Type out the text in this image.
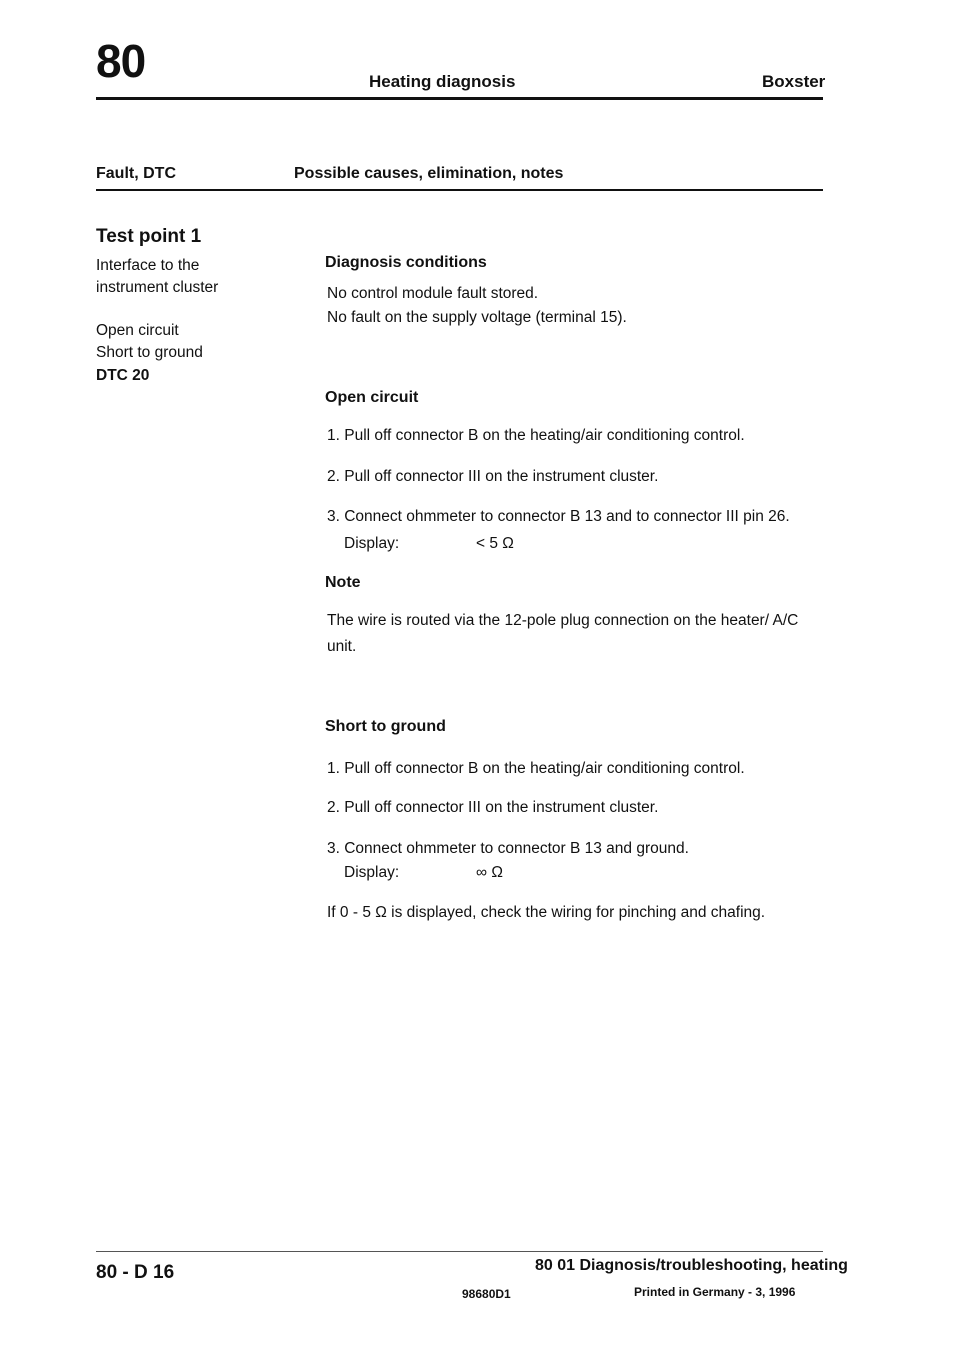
80	Heating diagnosis	Boxster
Fault, DTC	Possible causes, elimination, notes
Test point 1
Interface to the
instrument cluster
Open circuit
Short to ground
DTC 20
Diagnosis conditions
No control module fault stored.
No fault on the supply voltage (terminal 15).
Open circuit
1. Pull off connector B on the heating/air conditioning control.
2. Pull off connector III on the instrument cluster.
3. Connect ohmmeter to connector B 13 and to connector III pin 26.
Display:	< 5 Ω
Note
The wire is routed via the 12-pole plug connection on the heater/ A/C
unit.
Short to ground
1. Pull off connector B on the heating/air conditioning control.
2. Pull off connector III on the instrument cluster.
3. Connect ohmmeter to connector B 13 and ground.
Display:	∞ Ω
If 0 - 5 Ω is displayed, check the wiring for pinching and chafing.
80 - D 16	80 01 Diagnosis/troubleshooting, heating
98680D1	Printed in Germany - 3, 1996
